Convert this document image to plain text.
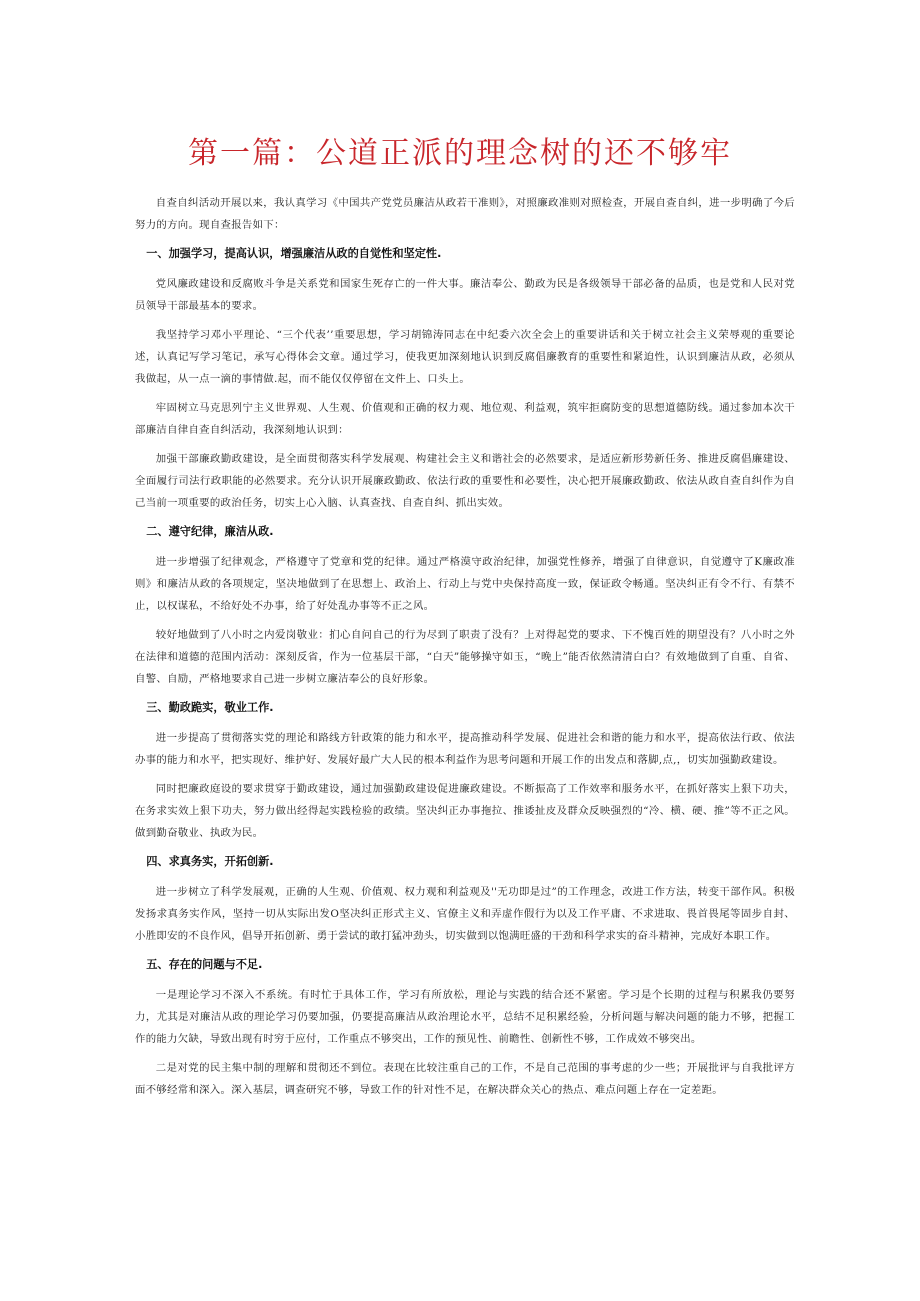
第一篇：公道正派的理念树的还不够牢

自查自纠活动开展以来，我认真学习《中国共产党党员廉洁从政若干准则》，对照廉政准则对照检查，开展自查自纠，进一步明确了今后努力的方向。现自查报告如下：

一、加强学习，提高认识，增强廉洁从政的自觉性和坚定性.

党风廉政建设和反腐败斗争是关系党和国家生死存亡的一件大事。廉洁奉公、勤政为民是各级领导干部必备的品质，也是党和人民对党员领导干部最基本的要求。

我坚持学习邓小平理论、“三个代表’’重要思想，学习胡锦涛同志在中纪委六次全会上的重要讲话和关于树立社会主义荣辱观的重要论述，认真记写学习笔记，承写心得体会文章。通过学习，使我更加深刻地认识到反腐倡廉教育的重要性和紧迫性，认识到廉洁从政，必须从我做起，从一点一滴的事情做.起，而不能仅仅停留在文件上、口头上。

牢固树立马克思列宁主义世界观、人生观、价值观和正确的权力观、地位观、利益观，筑牢拒腐防变的思想道德防线。通过参加本次干部廉洁自律自查自纠活动，我深刻地认识到：

加强干部廉政勤政建设，是全面贯彻落实科学发展观、构建社会主义和谐社会的必然要求，是适应新形势新任务、推进反腐倡廉建设、全面履行司法行政职能的必然要求。充分认识开展廉政勤政、依法行政的重要性和必要性，决心把开展廉政勤政、依法从政自查自纠作为自己当前一项重要的政治任务，切实上心入脑、认真查找、自查自纠、抓出实效。

二、遵守纪律，廉洁从政.

进一步增强了纪律观念，严格遵守了党章和党的纪律。通过严格漠守政治纪律，加强党性修养，增强了自律意识，自觉遵守了K廉政准则》和廉洁从政的各项规定，坚决地做到了在思想上、政治上、行动上与党中央保持高度一致，保证政令畅通。坚决纠正有令不行、有禁不止，以权谋私，不给好处不办事，给了好处乱办事等不正之风。

较好地做到了八小时之内爱岗敬业：扪心自问自己的行为尽到了职责了没有？上对得起党的要求、下不愧百姓的期望没有？八小时之外在法律和道德的范围内活动：深刻反省，作为一位基层干部，“白天”能够操守如玉，“晚上”能否依然清清白白？有效地做到了自重、自省、自警、自励，严格地要求自己进一步树立廉洁奉公的良好形象。

三、勤政跪实，敬业工作.

进一步提高了贯彻落实党的理论和路线方针政策的能力和水平，提高推动科学发展、促进社会和谐的能力和水平，提高依法行政、依法办事的能力和水平，把实现好、维护好、发展好最广大人民的根本利益作为思考问题和开展工作的出发点和落脚,点,，切实加强勤政建设。

同时把廉政庭设的要求贯穿于勤政建设，通过加强勤政建设促进廉政建设。不断振高了工作效率和服务水平，在抓好落实上狠下功夫，在务求实效上狠下功夫，努力做出经得起实践检验的政绩。坚决纠正办事拖拉、推诿扯皮及群众反映强烈的“冷、横、硬、推”等不正之风。做到勤奋敬业、执政为民。

四、求真务实，开拓创新.

进一步树立了科学发展观，正确的人生观、价值观、权力观和利益观及''无功即是过”的工作理念，改进工作方法，转变干部作风。积极发扬求真务实作风，坚持一切从实际出发O坚决纠正形式主义、官僚主义和弄虚作假行为以及工作平庸、不求进取、畏首畏尾等固步自封、小胜即安的不良作风，倡导开拓创新、勇于尝试的敢打猛冲劲头，切实做到以饱满旺盛的干劲和科学求实的奋斗精神，完成好本职工作。

五、存在的问题与不足.

一是理论学习不深入不系统。有时忙于具体工作，学习有所放松，理论与实践的结合还不紧密。学习是个长期的过程与积累我仍要努力，尤其是对廉洁从政的理论学习仍要加强，仍要提高廉洁从政治理论水平，总结不足积累经验，分析问题与解决问题的能力不够，把握工作的能力欠缺，导致出现有时穷于应付，工作重点不够突出，工作的预见性、前瞻性、创新性不够，工作成效不够突出。

二是对党的民主集中制的理解和贯彻还不到位。表现在比较注重自己的工作，不是自己范围的事考虑的少一些；开展批评与自我批评方面不够经常和深入。深入基层，调查研究不够，导致工作的针对性不足，在解决群众关心的热点、难点问题上存在一定差距。
